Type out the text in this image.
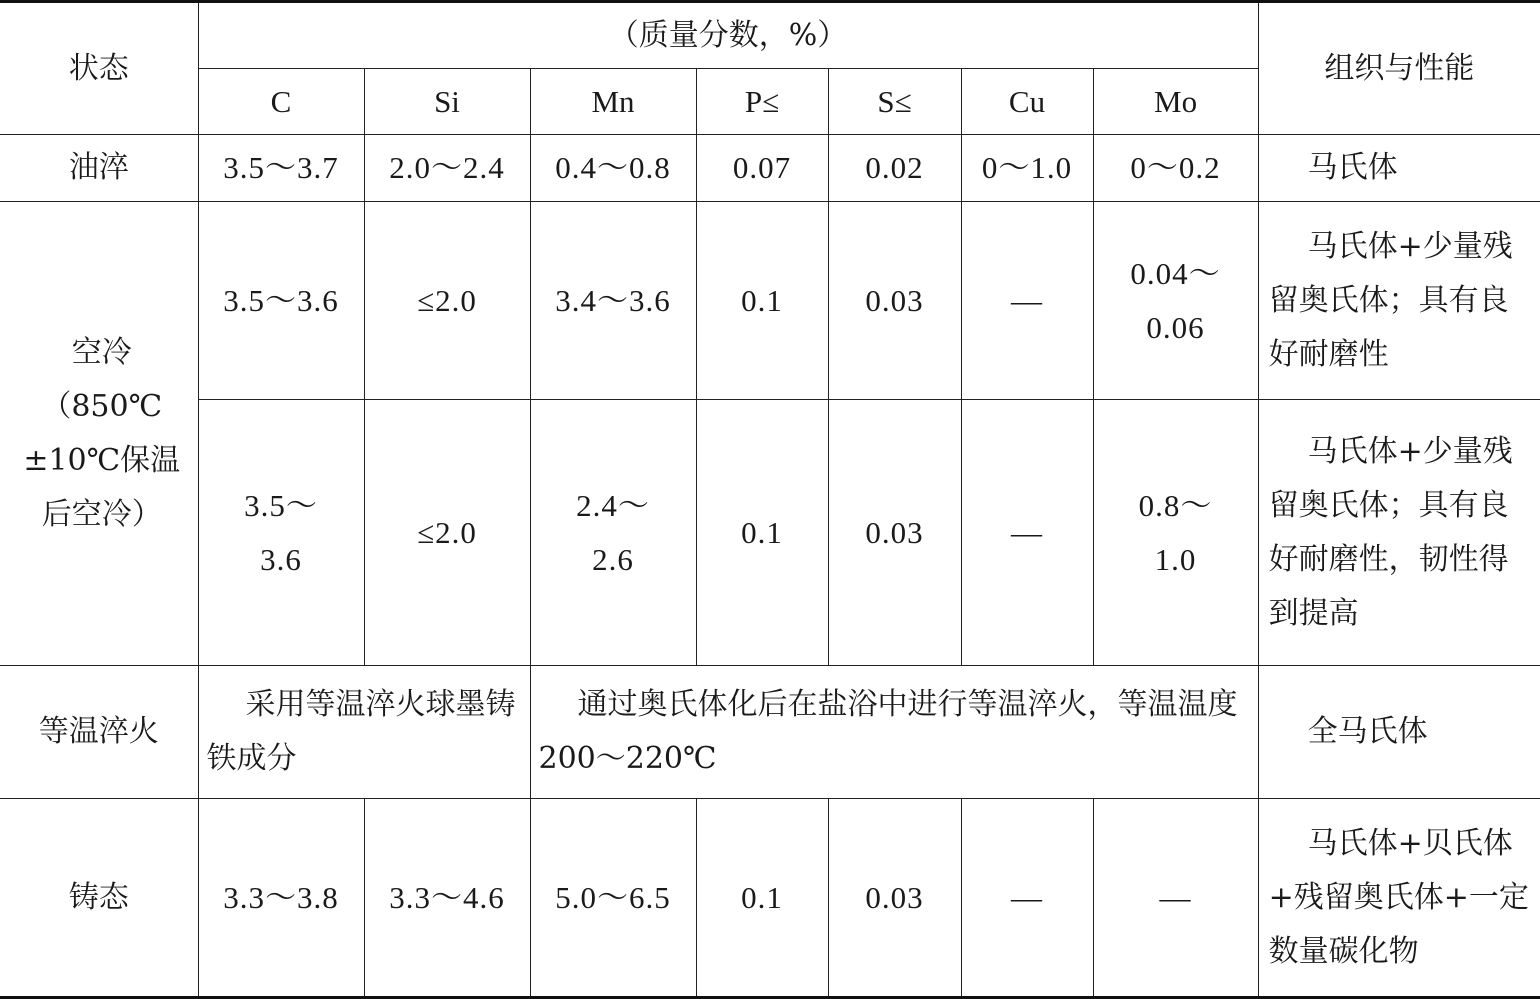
状态	（质量分数，%）							组织与性能
	C	Si	Mn	P≤	S≤	Cu	Mo	
油淬	3.5～3.7	2.0～2.4	0.4～0.8	0.07	0.02	0～1.0	0～0.2	马氏体
空冷（850℃±10℃保温后空冷）	3.5～3.6	≤2.0	3.4～3.6	0.1	0.03	—	0.04～0.06	马氏体+少量残留奥氏体；具有良好耐磨性
	3.5～3.6	≤2.0	2.4～2.6	0.1	0.03	—	0.8～1.0	马氏体+少量残留奥氏体；具有良好耐磨性，韧性得到提高
等温淬火	采用等温淬火球墨铸铁成分		通过奥氏体化后在盐浴中进行等温淬火，等温温度200～220℃					全马氏体
铸态	3.3～3.8	3.3～4.6	5.0～6.5	0.1	0.03	—	—	马氏体+贝氏体+残留奥氏体+一定数量碳化物
